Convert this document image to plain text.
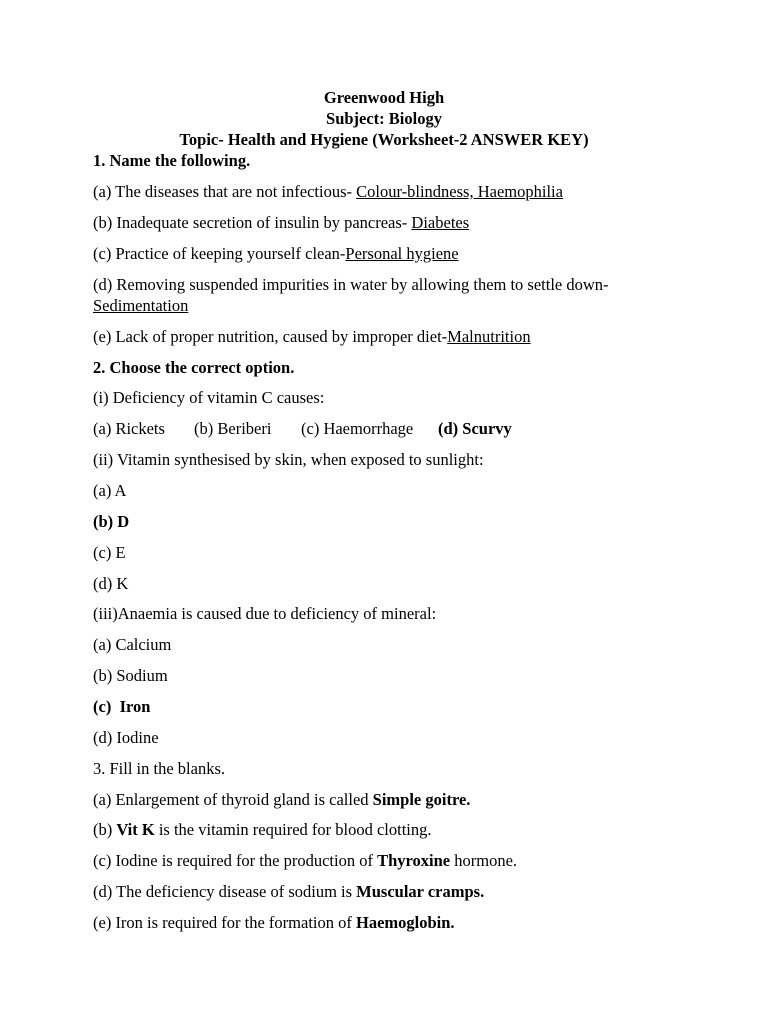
Greenwood High
Subject: Biology
Topic- Health and Hygiene (Worksheet-2 ANSWER KEY)
1. Name the following.
(a) The diseases that are not infectious- Colour-blindness, Haemophilia
(b) Inadequate secretion of insulin by pancreas- Diabetes
(c) Practice of keeping yourself clean-Personal hygiene
(d) Removing suspended impurities in water by allowing them to settle down-
Sedimentation
(e) Lack of proper nutrition, caused by improper diet-Malnutrition
2. Choose the correct option.
(i) Deficiency of vitamin C causes:
(a) Rickets (b) Beriberi (c) Haemorrhage (d) Scurvy
(ii) Vitamin synthesised by skin, when exposed to sunlight:
(a) A
(b) D
(c) E
(d) K
(iii)Anaemia is caused due to deficiency of mineral:
(a) Calcium
(b) Sodium
(c)  Iron
(d) Iodine
3. Fill in the blanks.
(a) Enlargement of thyroid gland is called Simple goitre.
(b) Vit K is the vitamin required for blood clotting.
(c) Iodine is required for the production of Thyroxine hormone.
(d) The deficiency disease of sodium is Muscular cramps.
(e) Iron is required for the formation of Haemoglobin.
